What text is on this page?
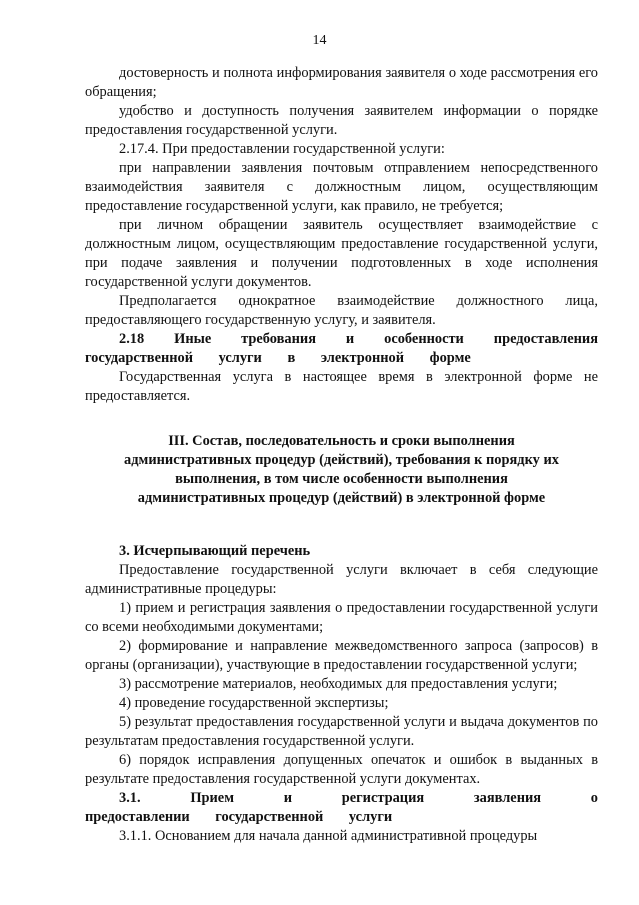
14

достоверность и полнота информирования заявителя о ходе рассмотрения его обращения;

удобство и доступность получения заявителем информации о порядке предоставления государственной услуги.

2.17.4. При предоставлении государственной услуги:

при направлении заявления почтовым отправлением непосредственного взаимодействия заявителя с должностным лицом, осуществляющим предоставление государственной услуги, как правило, не требуется;

при личном обращении заявитель осуществляет взаимодействие с должностным лицом, осуществляющим предоставление государственной услуги, при подаче заявления и получении подготовленных в ходе исполнения государственной услуги документов.

Предполагается однократное взаимодействие должностного лица, предоставляющего государственную услугу, и заявителя.

2.18 Иные требования и особенности предоставления государственной услуги в электронной форме

Государственная услуга в настоящее время в электронной форме не предоставляется.

III. Состав, последовательность и сроки выполнения административных процедур (действий), требования к порядку их выполнения, в том числе особенности выполнения административных процедур (действий) в электронной форме

3. Исчерпывающий перечень

Предоставление государственной услуги включает в себя следующие административные процедуры:

1) прием и регистрация заявления о предоставлении государственной услуги со всеми необходимыми документами;

2) формирование и направление межведомственного запроса (запросов) в органы (организации), участвующие в предоставлении государственной услуги;

3) рассмотрение материалов, необходимых для предоставления услуги;

4) проведение государственной экспертизы;

5) результат предоставления государственной услуги и выдача документов по результатам предоставления государственной услуги.

6) порядок исправления допущенных опечаток и ошибок в выданных в результате предоставления государственной услуги документах.

3.1. Прием и регистрация заявления о предоставлении государственной услуги

3.1.1. Основанием для начала данной административной процедуры
